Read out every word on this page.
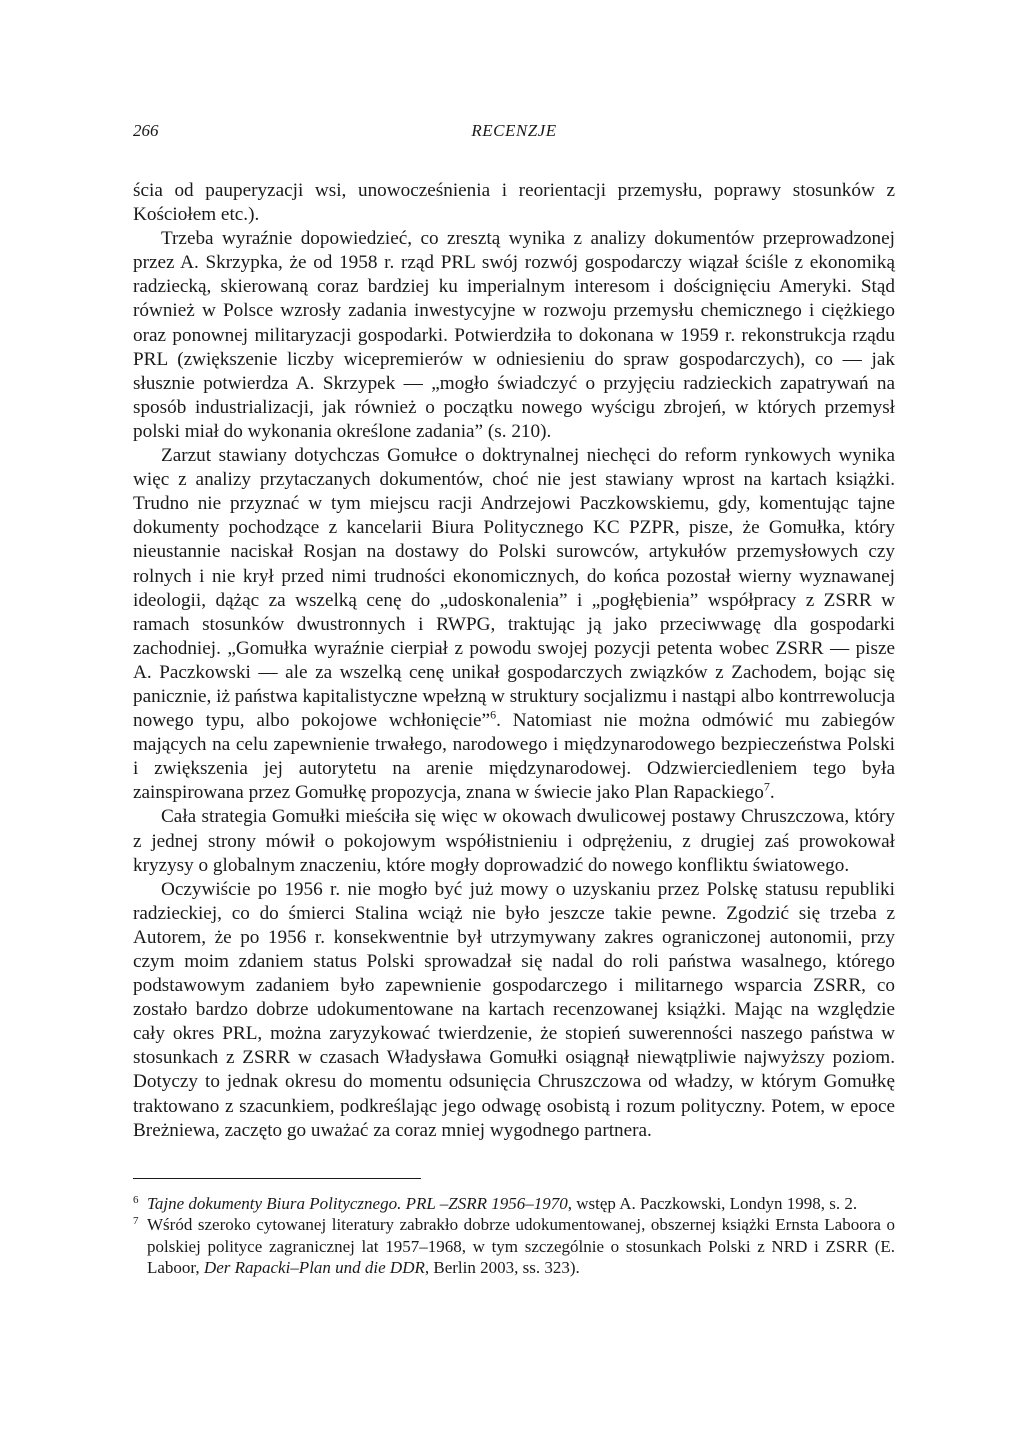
266	RECENZJE

ścia od pauperyzacji wsi, unowocześnienia i reorientacji przemysłu, poprawy stosunków z Kościołem etc.).

Trzeba wyraźnie dopowiedzieć, co zresztą wynika z analizy dokumentów przeprowadzonej przez A. Skrzypka, że od 1958 r. rząd PRL swój rozwój gospodarczy wiązał ściśle z ekonomiką radziecką, skierowaną coraz bardziej ku imperialnym interesom i doścignięciu Ameryki. Stąd również w Polsce wzrosły zadania inwestycyjne w rozwoju przemysłu chemicznego i ciężkiego oraz ponownej militaryzacji gospodarki. Potwierdziła to dokonana w 1959 r. rekonstrukcja rządu PRL (zwiększenie liczby wicepremierów w odniesieniu do spraw gospodarczych), co — jak słusznie potwierdza A. Skrzypek — „mogło świadczyć o przyjęciu radzieckich zapatrywań na sposób industrializacji, jak również o początku nowego wyścigu zbrojeń, w których przemysł polski miał do wykonania określone zadania” (s. 210).

Zarzut stawiany dotychczas Gomułce o doktrynalnej niechęci do reform rynkowych wynika więc z analizy przytaczanych dokumentów, choć nie jest stawiany wprost na kartach książki. Trudno nie przyznać w tym miejscu racji Andrzejowi Paczkowskiemu, gdy, komentując tajne dokumenty pochodzące z kancelarii Biura Politycznego KC PZPR, pisze, że Gomułka, który nieustannie naciskał Rosjan na dostawy do Polski surowców, artykułów przemysłowych czy rolnych i nie krył przed nimi trudności ekonomicznych, do końca pozostał wierny wyznawanej ideologii, dążąc za wszelką cenę do „udoskonalenia” i „pogłębienia” współpracy z ZSRR w ramach stosunków dwustronnych i RWPG, traktując ją jako przeciwwagę dla gospodarki zachodniej. „Gomułka wyraźnie cierpiał z powodu swojej pozycji petenta wobec ZSRR — pisze A. Paczkowski — ale za wszelką cenę unikał gospodarczych związków z Zachodem, bojąc się panicznie, iż państwa kapitalistyczne wpełzną w struktury socjalizmu i nastąpi albo kontrrewolucja nowego typu, albo pokojowe wchłonięcie”$^6$. Natomiast nie można odmówić mu zabiegów mających na celu zapewnienie trwałego, narodowego i międzynarodowego bezpieczeństwa Polski i zwiększenia jej autorytetu na arenie międzynarodowej. Odzwierciedleniem tego była zainspirowana przez Gomułkę propozycja, znana w świecie jako Plan Rapackiego$^7$.

Cała strategia Gomułki mieściła się więc w okowach dwulicowej postawy Chruszczowa, który z jednej strony mówił o pokojowym współistnieniu i odprężeniu, z drugiej zaś prowokował kryzysy o globalnym znaczeniu, które mogły doprowadzić do nowego konfliktu światowego.

Oczywiście po 1956 r. nie mogło być już mowy o uzyskaniu przez Polskę statusu republiki radzieckiej, co do śmierci Stalina wciąż nie było jeszcze takie pewne. Zgodzić się trzeba z Autorem, że po 1956 r. konsekwentnie był utrzymywany zakres ograniczonej autonomii, przy czym moim zdaniem status Polski sprowadzał się nadal do roli państwa wasalnego, którego podstawowym zadaniem było zapewnienie gospodarczego i militarnego wsparcia ZSRR, co zostało bardzo dobrze udokumentowane na kartach recenzowanej książki. Mając na względzie cały okres PRL, można zaryzykować twierdzenie, że stopień suwerenności naszego państwa w stosunkach z ZSRR w czasach Władysława Gomułki osiągnął niewątpliwie najwyższy poziom. Dotyczy to jednak okresu do momentu odsunięcia Chruszczowa od władzy, w którym Gomułkę traktowano z szacunkiem, podkreślając jego odwagę osobistą i rozum polityczny. Potem, w epoce Breżniewa, zaczęto go uważać za coraz mniej wygodnego partnera.

6 Tajne dokumenty Biura Politycznego. PRL –ZSRR 1956–1970, wstęp A. Paczkowski, Londyn 1998, s. 2.

7 Wśród szeroko cytowanej literatury zabrakło dobrze udokumentowanej, obszernej książki Ernsta Laboora o polskiej polityce zagranicznej lat 1957–1968, w tym szczególnie o stosunkach Polski z NRD i ZSRR (E. Laboor, Der Rapacki–Plan und die DDR, Berlin 2003, ss. 323).
